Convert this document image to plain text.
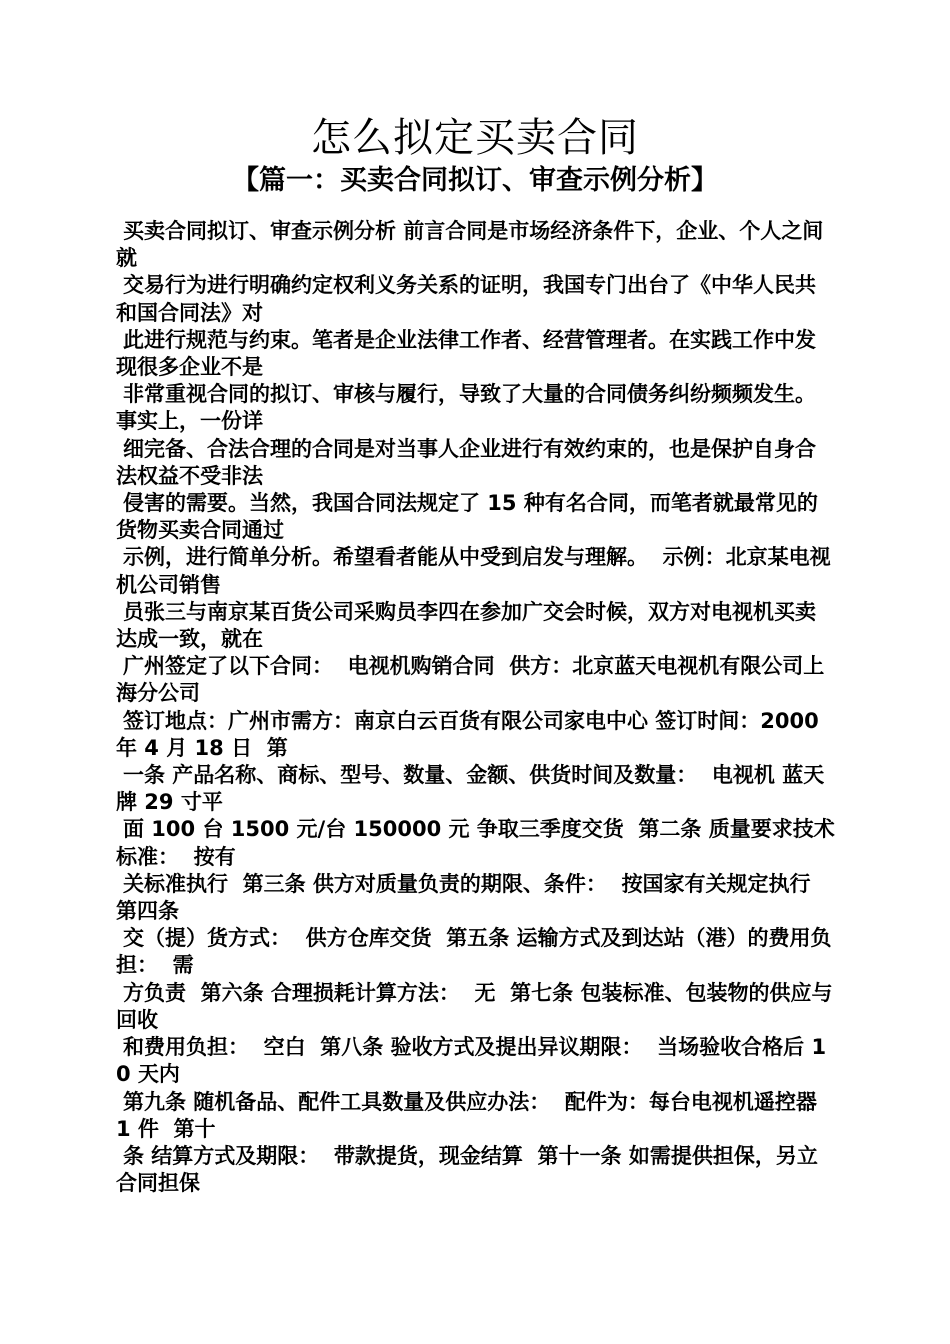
怎么拟定买卖合同
【篇一：买卖合同拟订、审查示例分析】

买卖合同拟订、审查示例分析 前言合同是市场经济条件下，企业、个人之间就

交易行为进行明确约定权利义务关系的证明，我国专门出台了《中华人民共和国合同法》对

此进行规范与约束。笔者是企业法律工作者、经营管理者。在实践工作中发现很多企业不是

非常重视合同的拟订、审核与履行，导致了大量的合同债务纠纷频频发生。事实上，一份详

细完备、合法合理的合同是对当事人企业进行有效约束的，也是保护自身合法权益不受非法

侵害的需要。当然，我国合同法规定了 15 种有名合同，而笔者就最常见的货物买卖合同通过

示例，进行简单分析。希望看者能从中受到启发与理解。  示例：北京某电视机公司销售

员张三与南京某百货公司采购员李四在参加广交会时候，双方对电视机买卖达成一致，就在

广州签定了以下合同：  电视机购销合同  供方：北京蓝天电视机有限公司上海分公司

签订地点：广州市需方：南京白云百货有限公司家电中心 签订时间：2000 年 4 月 18 日  第

一条 产品名称、商标、型号、数量、金额、供货时间及数量：  电视机 蓝天牌 29 寸平

面 100 台 1500 元/台 150000 元 争取三季度交货  第二条 质量要求技术标准：  按有

关标准执行  第三条 供方对质量负责的期限、条件：  按国家有关规定执行  第四条

交（提）货方式：  供方仓库交货  第五条 运输方式及到达站（港）的费用负担：  需

方负责  第六条 合理损耗计算方法：  无  第七条 包装标准、包装物的供应与回收

和费用负担：  空白  第八条 验收方式及提出异议期限：  当场验收合格后 10 天内

第九条 随机备品、配件工具数量及供应办法：  配件为：每台电视机遥控器 1 件  第十

条 结算方式及期限：  带款提货，现金结算  第十一条 如需提供担保，另立合同担保
